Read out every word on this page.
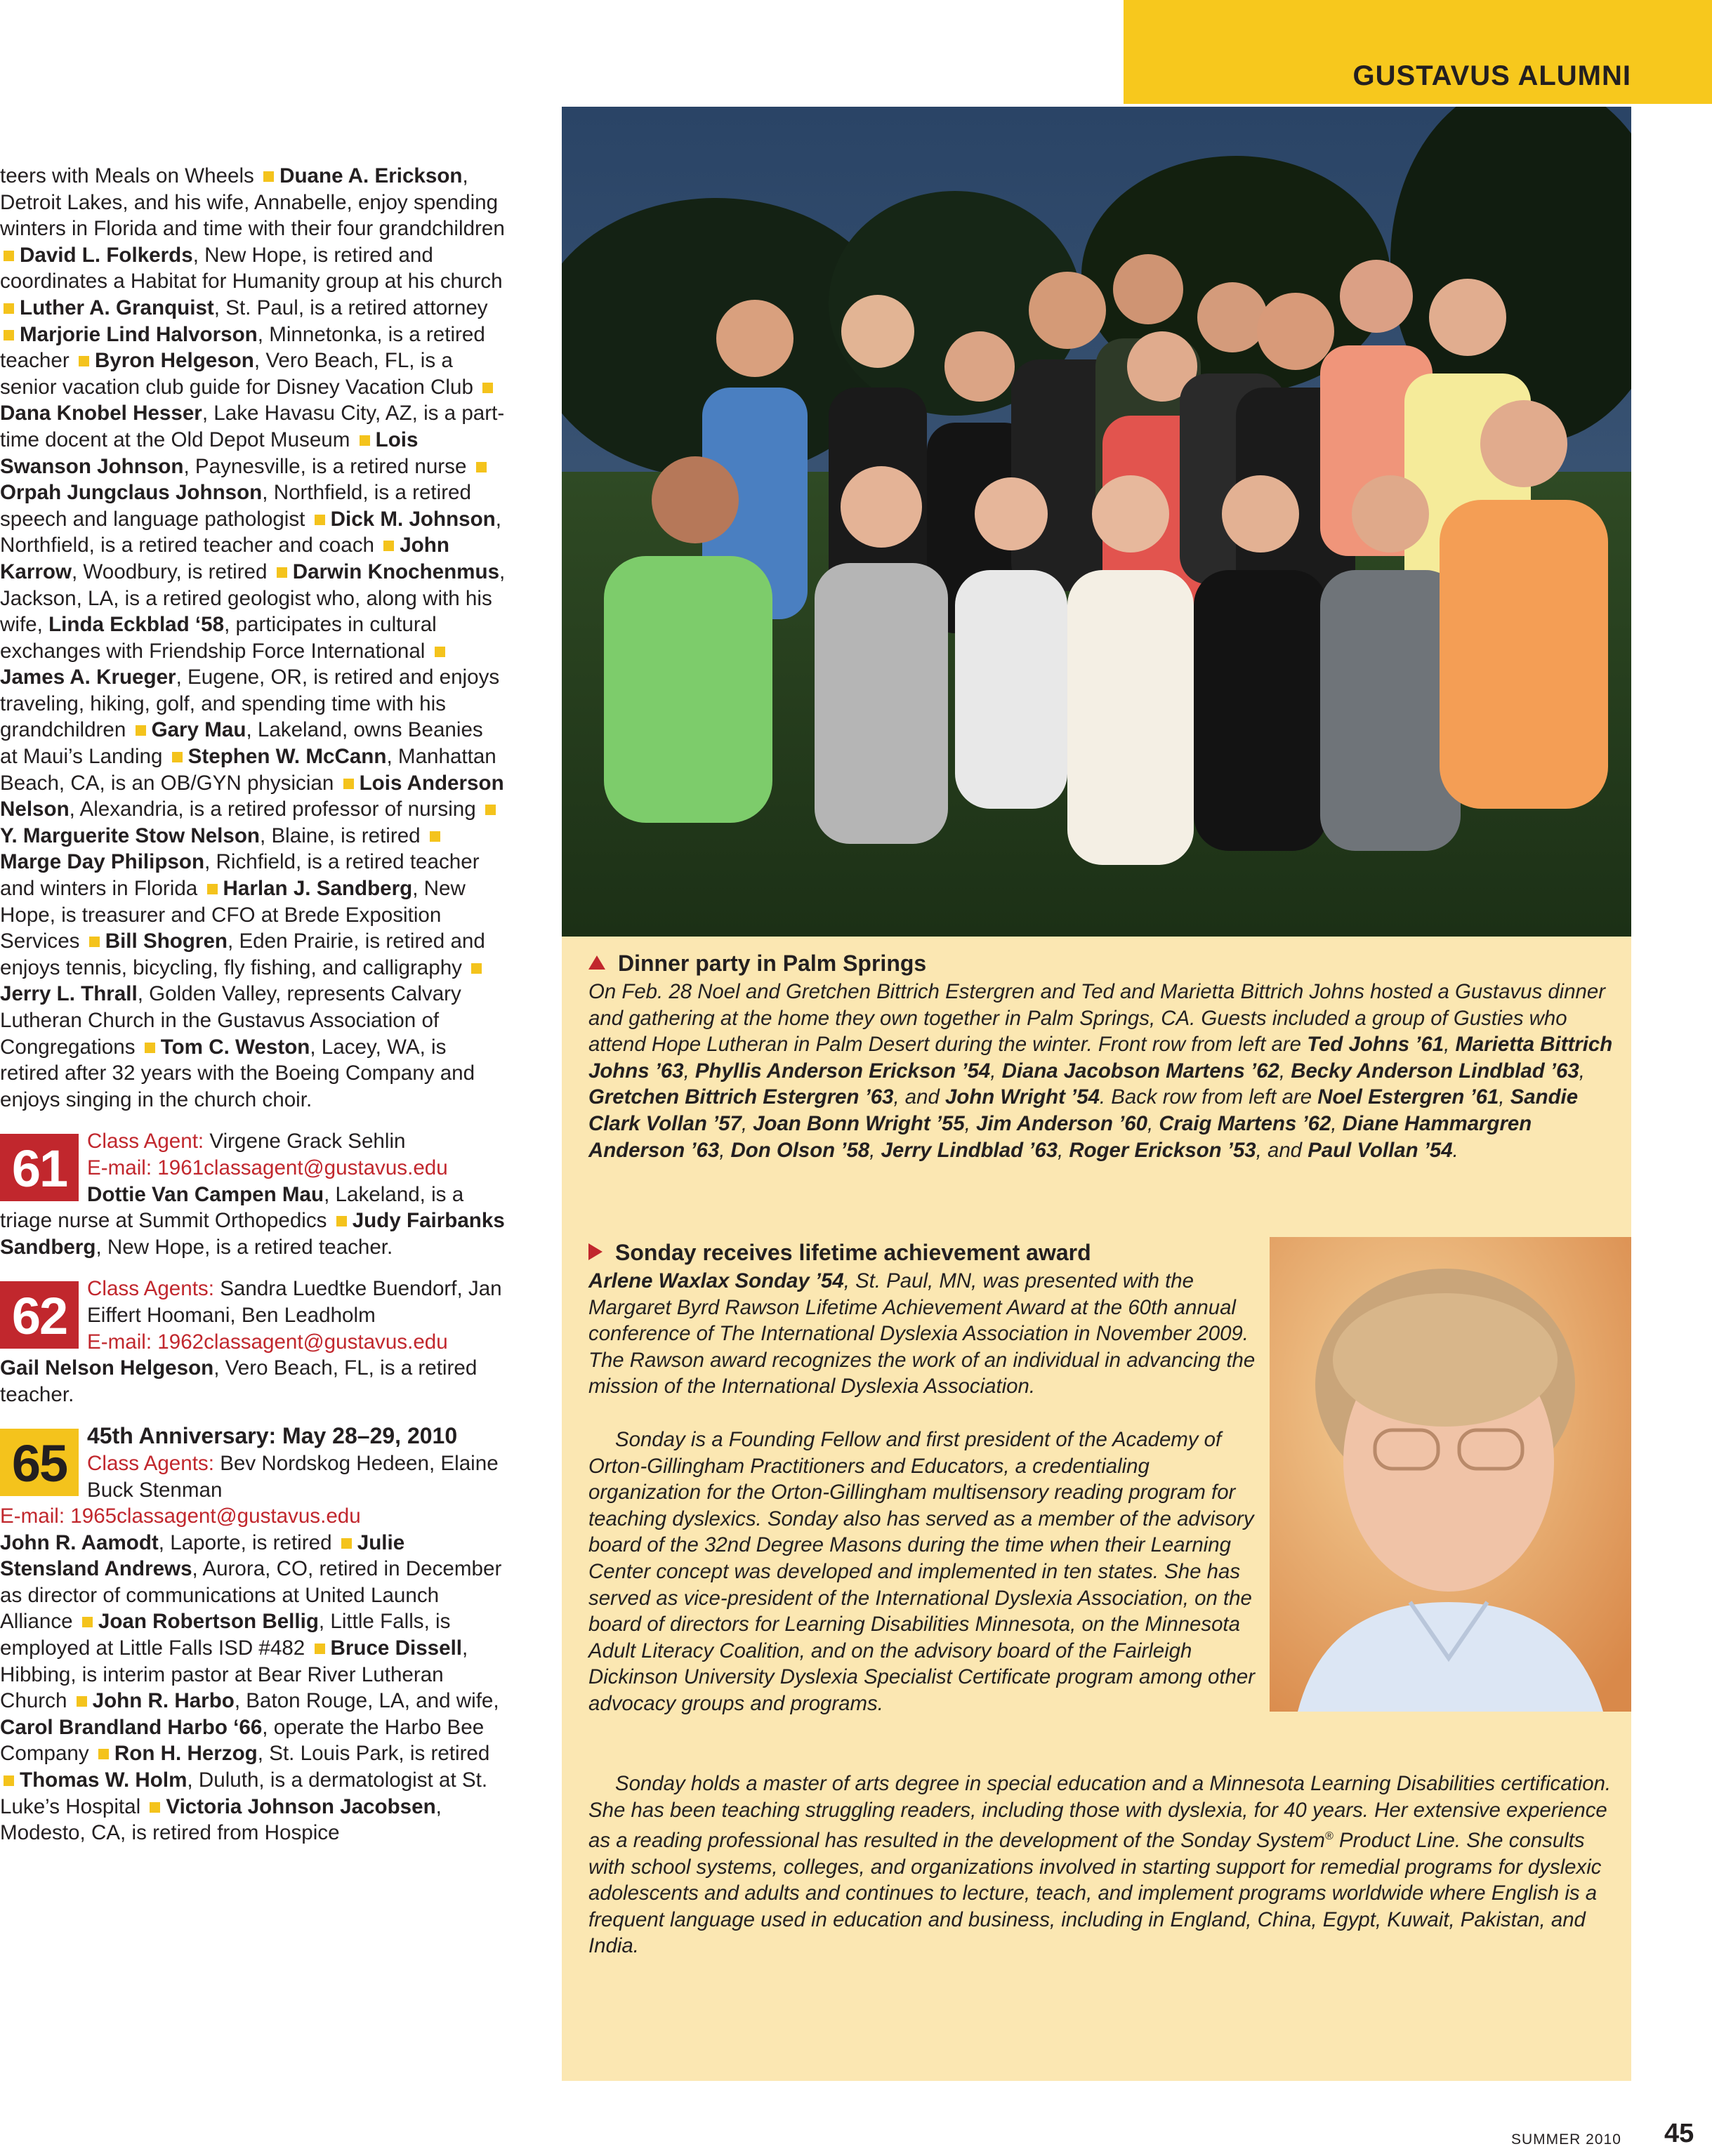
GUSTAVUS ALUMNI

teers with Meals on Wheels Duane A. Erickson, Detroit Lakes, and his wife, Annabelle, enjoy spending winters in Florida and time with their four grandchildren David L. Folkerds, New Hope, is retired and coordinates a Habitat for Humanity group at his church Luther A. Granquist, St. Paul, is a retired attorney Marjorie Lind Halvorson, Minnetonka, is a retired teacher Byron Helgeson, Vero Beach, FL, is a senior vacation club guide for Disney Vacation Club Dana Knobel Hesser, Lake Havasu City, AZ, is a part-time docent at the Old Depot Museum Lois Swanson Johnson, Paynesville, is a retired nurse Orpah Jungclaus Johnson, Northfield, is a retired speech and language pathologist Dick M. Johnson, Northfield, is a retired teacher and coach John Karrow, Woodbury, is retired Darwin Knochenmus, Jackson, LA, is a retired geologist who, along with his wife, Linda Eckblad ‘58, participates in cultural exchanges with Friendship Force International James A. Krueger, Eugene, OR, is retired and enjoys traveling, hiking, golf, and spending time with his grandchildren Gary Mau, Lakeland, owns Beanies at Maui’s Landing Stephen W. McCann, Manhattan Beach, CA, is an OB/GYN physician Lois Anderson Nelson, Alexandria, is a retired professor of nursing Y. Marguerite Stow Nelson, Blaine, is retired Marge Day Philipson, Richfield, is a retired teacher and winters in Florida Harlan J. Sandberg, New Hope, is treasurer and CFO at Brede Exposition Services Bill Shogren, Eden Prairie, is retired and enjoys tennis, bicycling, fly fishing, and calligraphy Jerry L. Thrall, Golden Valley, represents Calvary Lutheran Church in the Gustavus Association of Congregations Tom C. Weston, Lacey, WA, is retired after 32 years with the Boeing Company and enjoys singing in the church choir.

61 Class Agent: Virgene Grack Sehlin
E-mail: 1961classagent@gustavus.edu
Dottie Van Campen Mau, Lakeland, is a triage nurse at Summit Orthopedics Judy Fairbanks Sandberg, New Hope, is a retired teacher.

62 Class Agents: Sandra Luedtke Buendorf, Jan Eiffert Hoomani, Ben Leadholm
E-mail: 1962classagent@gustavus.edu
Gail Nelson Helgeson, Vero Beach, FL, is a retired teacher.

65 45th Anniversary: May 28–29, 2010 Class Agents: Bev Nordskog Hedeen, Elaine Buck Stenman
E-mail: 1965classagent@gustavus.edu
John R. Aamodt, Laporte, is retired Julie Stensland Andrews, Aurora, CO, retired in December as director of communications at United Launch Alliance Joan Robertson Bellig, Little Falls, is employed at Little Falls ISD #482 Bruce Dissell, Hibbing, is interim pastor at Bear River Lutheran Church John R. Harbo, Baton Rouge, LA, and wife, Carol Brandland Harbo ‘66, operate the Harbo Bee Company Ron H. Herzog, St. Louis Park, is retired Thomas W. Holm, Duluth, is a dermatologist at St. Luke’s Hospital Victoria Johnson Jacobsen, Modesto, CA, is retired from Hospice

Dinner party in Palm Springs

On Feb. 28 Noel and Gretchen Bittrich Estergren and Ted and Marietta Bittrich Johns hosted a Gustavus dinner and gathering at the home they own together in Palm Springs, CA. Guests included a group of Gusties who attend Hope Lutheran in Palm Desert during the winter. Front row from left are Ted Johns ’61, Marietta Bittrich Johns ’63, Phyllis Anderson Erickson ’54, Diana Jacobson Martens ’62, Becky Anderson Lindblad ’63, Gretchen Bittrich Estergren ’63, and John Wright ’54. Back row from left are Noel Estergren ’61, Sandie Clark Vollan ’57, Joan Bonn Wright ’55, Jim Anderson ’60, Craig Martens ’62, Diane Hammargren Anderson ’63, Don Olson ’58, Jerry Lindblad ’63, Roger Erickson ’53, and Paul Vollan ’54.

Sonday receives lifetime achievement award

Arlene Waxlax Sonday ’54, St. Paul, MN, was presented with the Margaret Byrd Rawson Lifetime Achievement Award at the 60th annual conference of The International Dyslexia Association in November 2009. The Rawson award recognizes the work of an individual in advancing the mission of the International Dyslexia Association.

Sonday is a Founding Fellow and first president of the Academy of Orton-Gillingham Practitioners and Educators, a credentialing organization for the Orton-Gillingham multisensory reading program for teaching dyslexics. Sonday also has served as a member of the advisory board of the 32nd Degree Masons during the time when their Learning Center concept was developed and implemented in ten states. She has served as vice-president of the International Dyslexia Association, on the board of directors for Learning Disabilities Minnesota, on the Minnesota Adult Literacy Coalition, and on the advisory board of the Fairleigh Dickinson University Dyslexia Specialist Certificate program among other advocacy groups and programs.

Sonday holds a master of arts degree in special education and a Minnesota Learning Disabilities certification. She has been teaching struggling readers, including those with dyslexia, for 40 years. Her extensive experience as a reading professional has resulted in the development of the Sonday System® Product Line. She consults with school systems, colleges, and organizations involved in starting support for remedial programs for dyslexic adolescents and adults and continues to lecture, teach, and implement programs worldwide where English is a frequent language used in education and business, including in England, China, Egypt, Kuwait, Pakistan, and India.

SUMMER 2010 45
